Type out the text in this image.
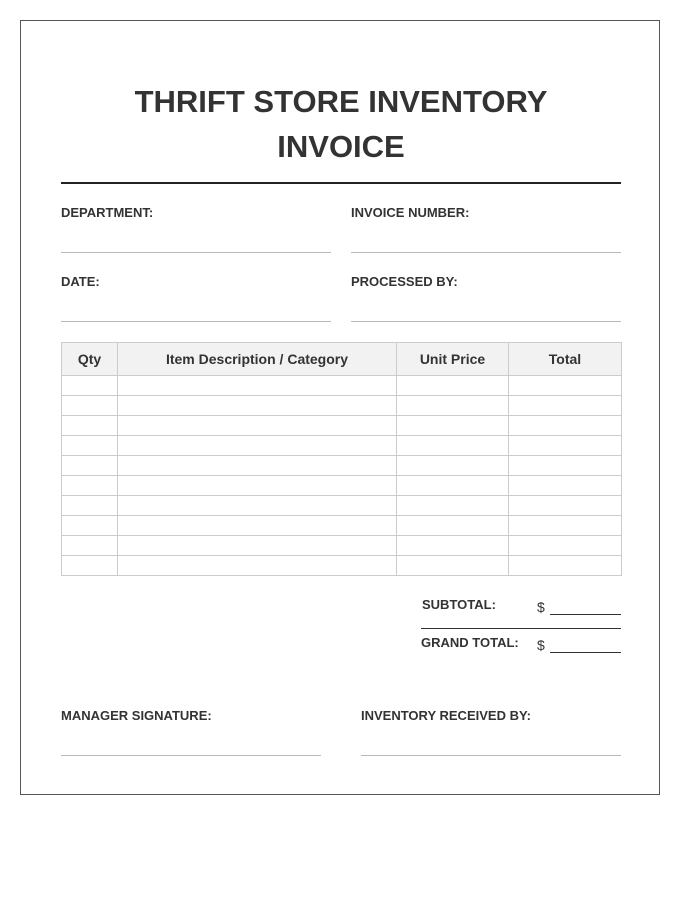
THRIFT STORE INVENTORY
INVOICE
DEPARTMENT:	INVOICE NUMBER:
DATE:	PROCESSED BY:
Qty	Item Description / Category	Unit Price	Total

SUBTOTAL:	$
GRAND TOTAL: $
MANAGER SIGNATURE:	INVENTORY RECEIVED BY:
